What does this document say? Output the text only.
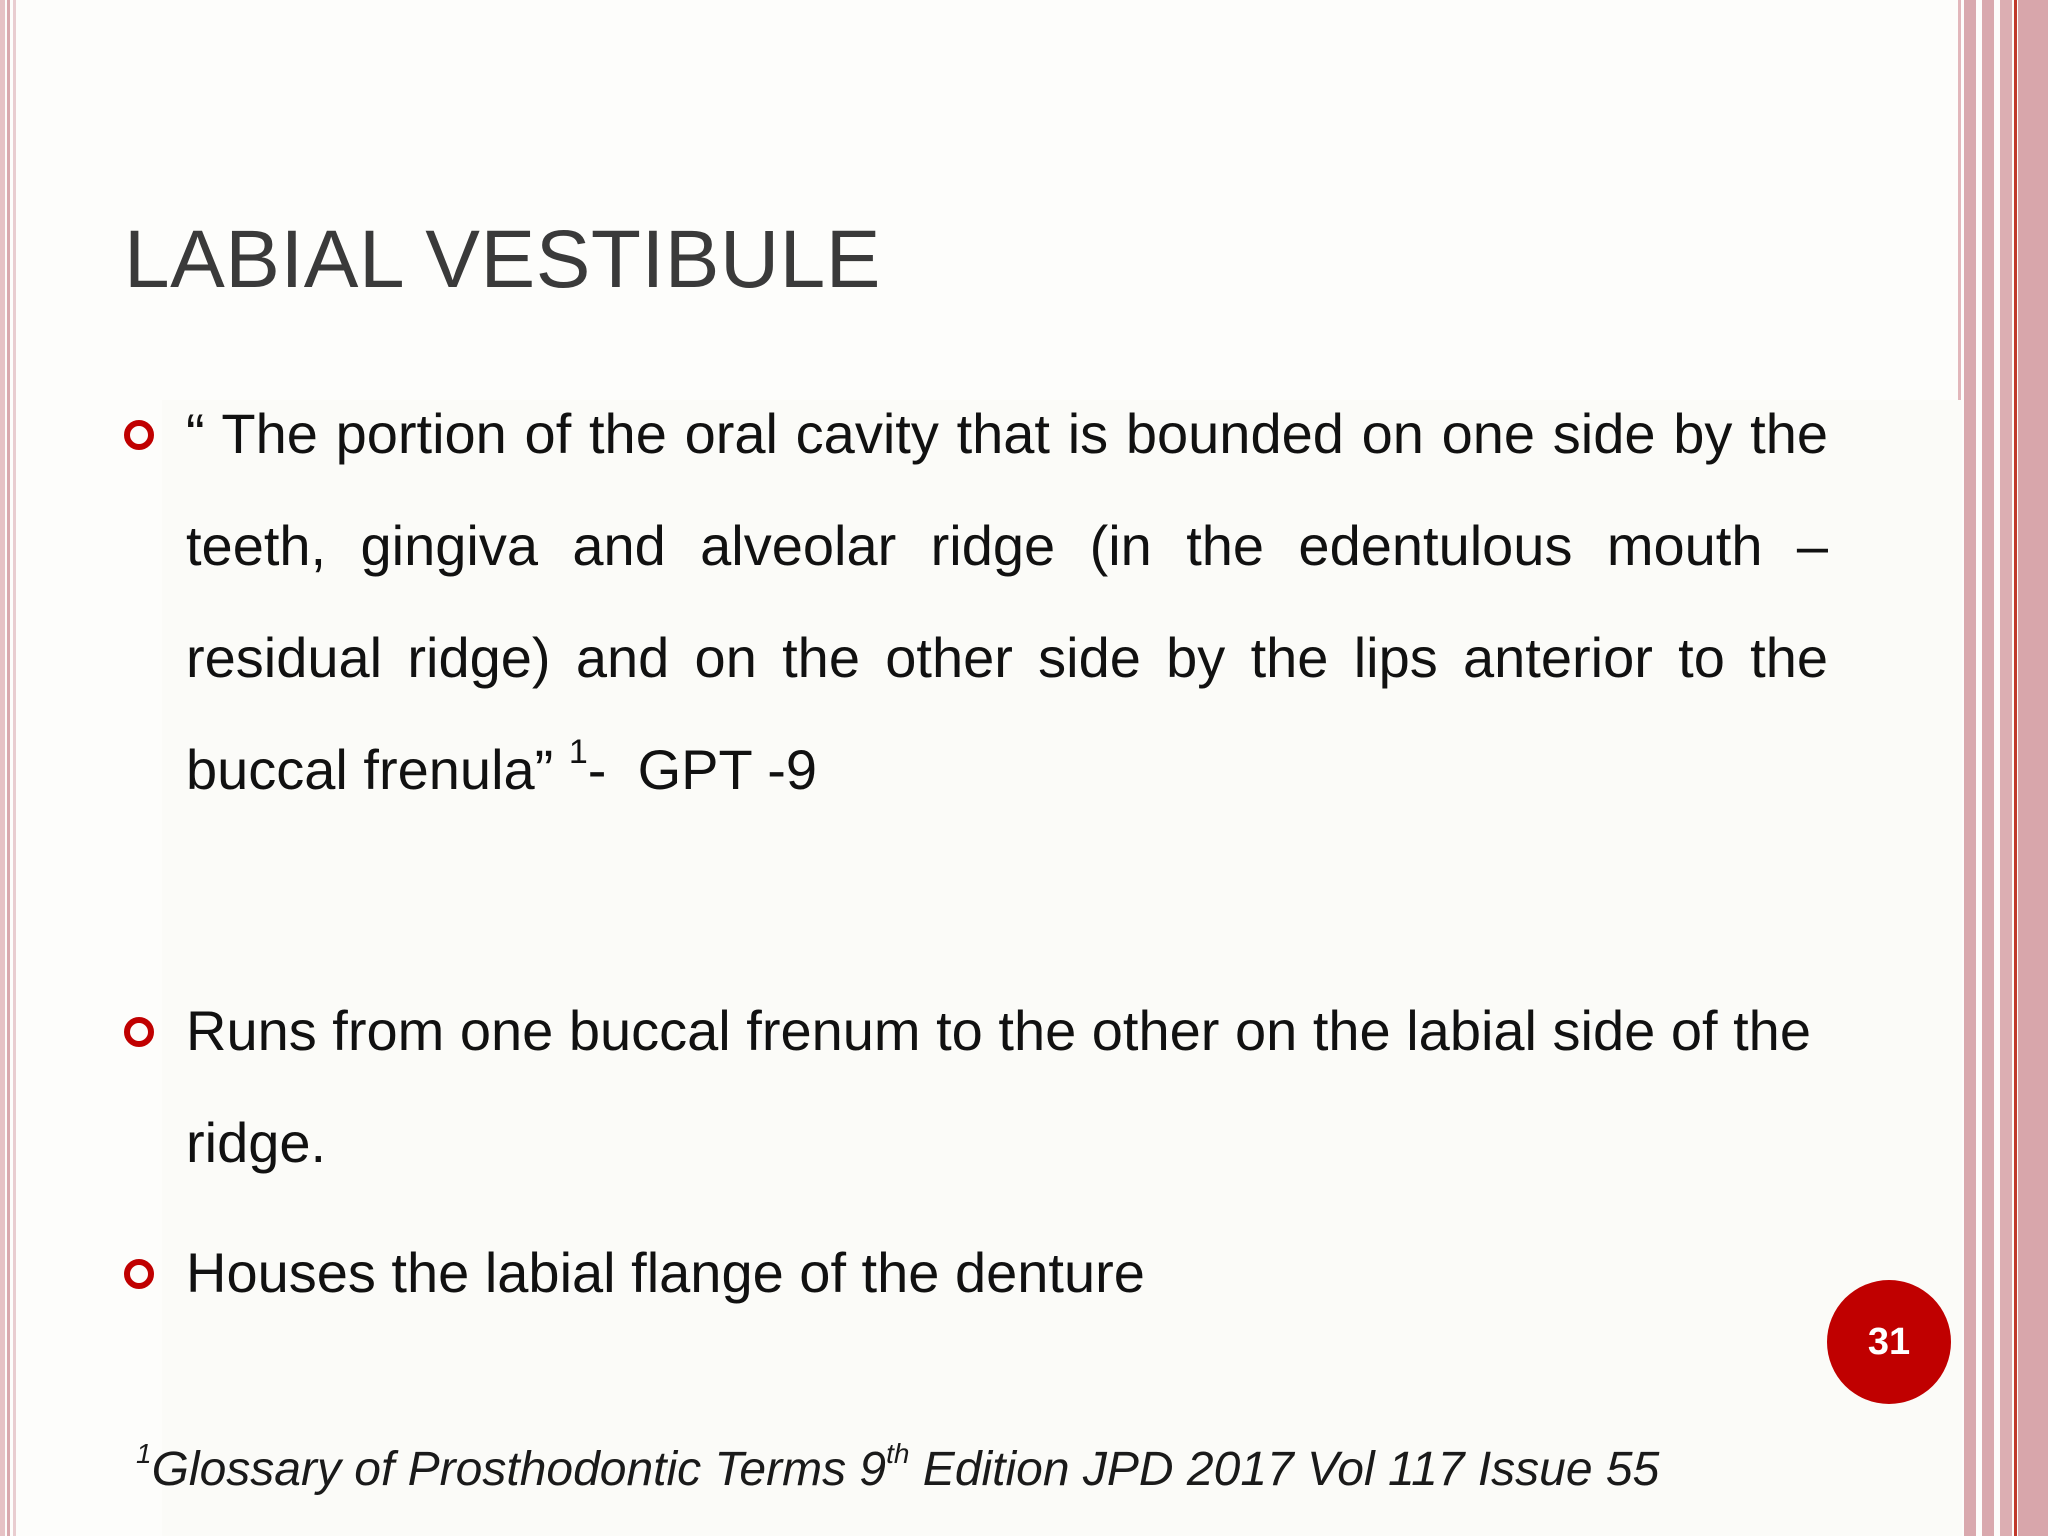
LABIAL VESTIBULE
“ The portion of the oral cavity that is bounded on one side by the teeth, gingiva and alveolar ridge (in the edentulous mouth – residual ridge) and on the other side by the lips anterior to the buccal frenula” $^1$-  GPT -9
Runs from one buccal frenum to the other on the labial side of the ridge.
Houses the labial flange of the denture
31
$^1$Glossary of Prosthodontic Terms 9th Edition JPD 2017 Vol 117 Issue 55
